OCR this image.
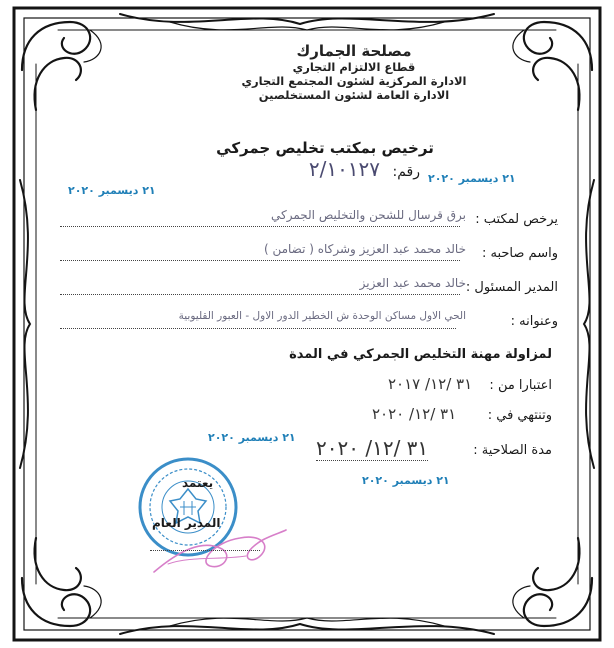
مصلحة الجمارك
قطاع الالتزام التجاري
الادارة المركزية لشئون المجتمع التجاري
الادارة العامة لشئون المستخلصين
ترخيص بمكتب تخليص جمركي
رقم: ٢/١٠١٢٧	٢١ ديسمبر ٢٠٢٠
٢١ ديسمبر ٢٠٢٠
٢١ ديسمبر ٢٠٢٠
٢١ ديسمبر ٢٠٢٠
يرخص لمكتب :
برق قرسال للشحن والتخليص الجمركي
واسم صاحبه :
خالد محمد عبد العزيز وشركاه ( تضامن )
المدير المسئول :
خالد محمد عبد العزيز
وعنوانه :
الحي الاول مساكن الوحدة ش الخطير الدور الاول - العبور القليوبية
لمزاولة مهنة التخليص الجمركي في المدة
اعتبارا من :
٣١ /١٢/ ٢٠١٧
وتنتهي في :
٣١ /١٢/ ٢٠٢٠
مدة الصلاحية :
٣١ /١٢/ ٢٠٢٠
يعتمد
المدير العام
